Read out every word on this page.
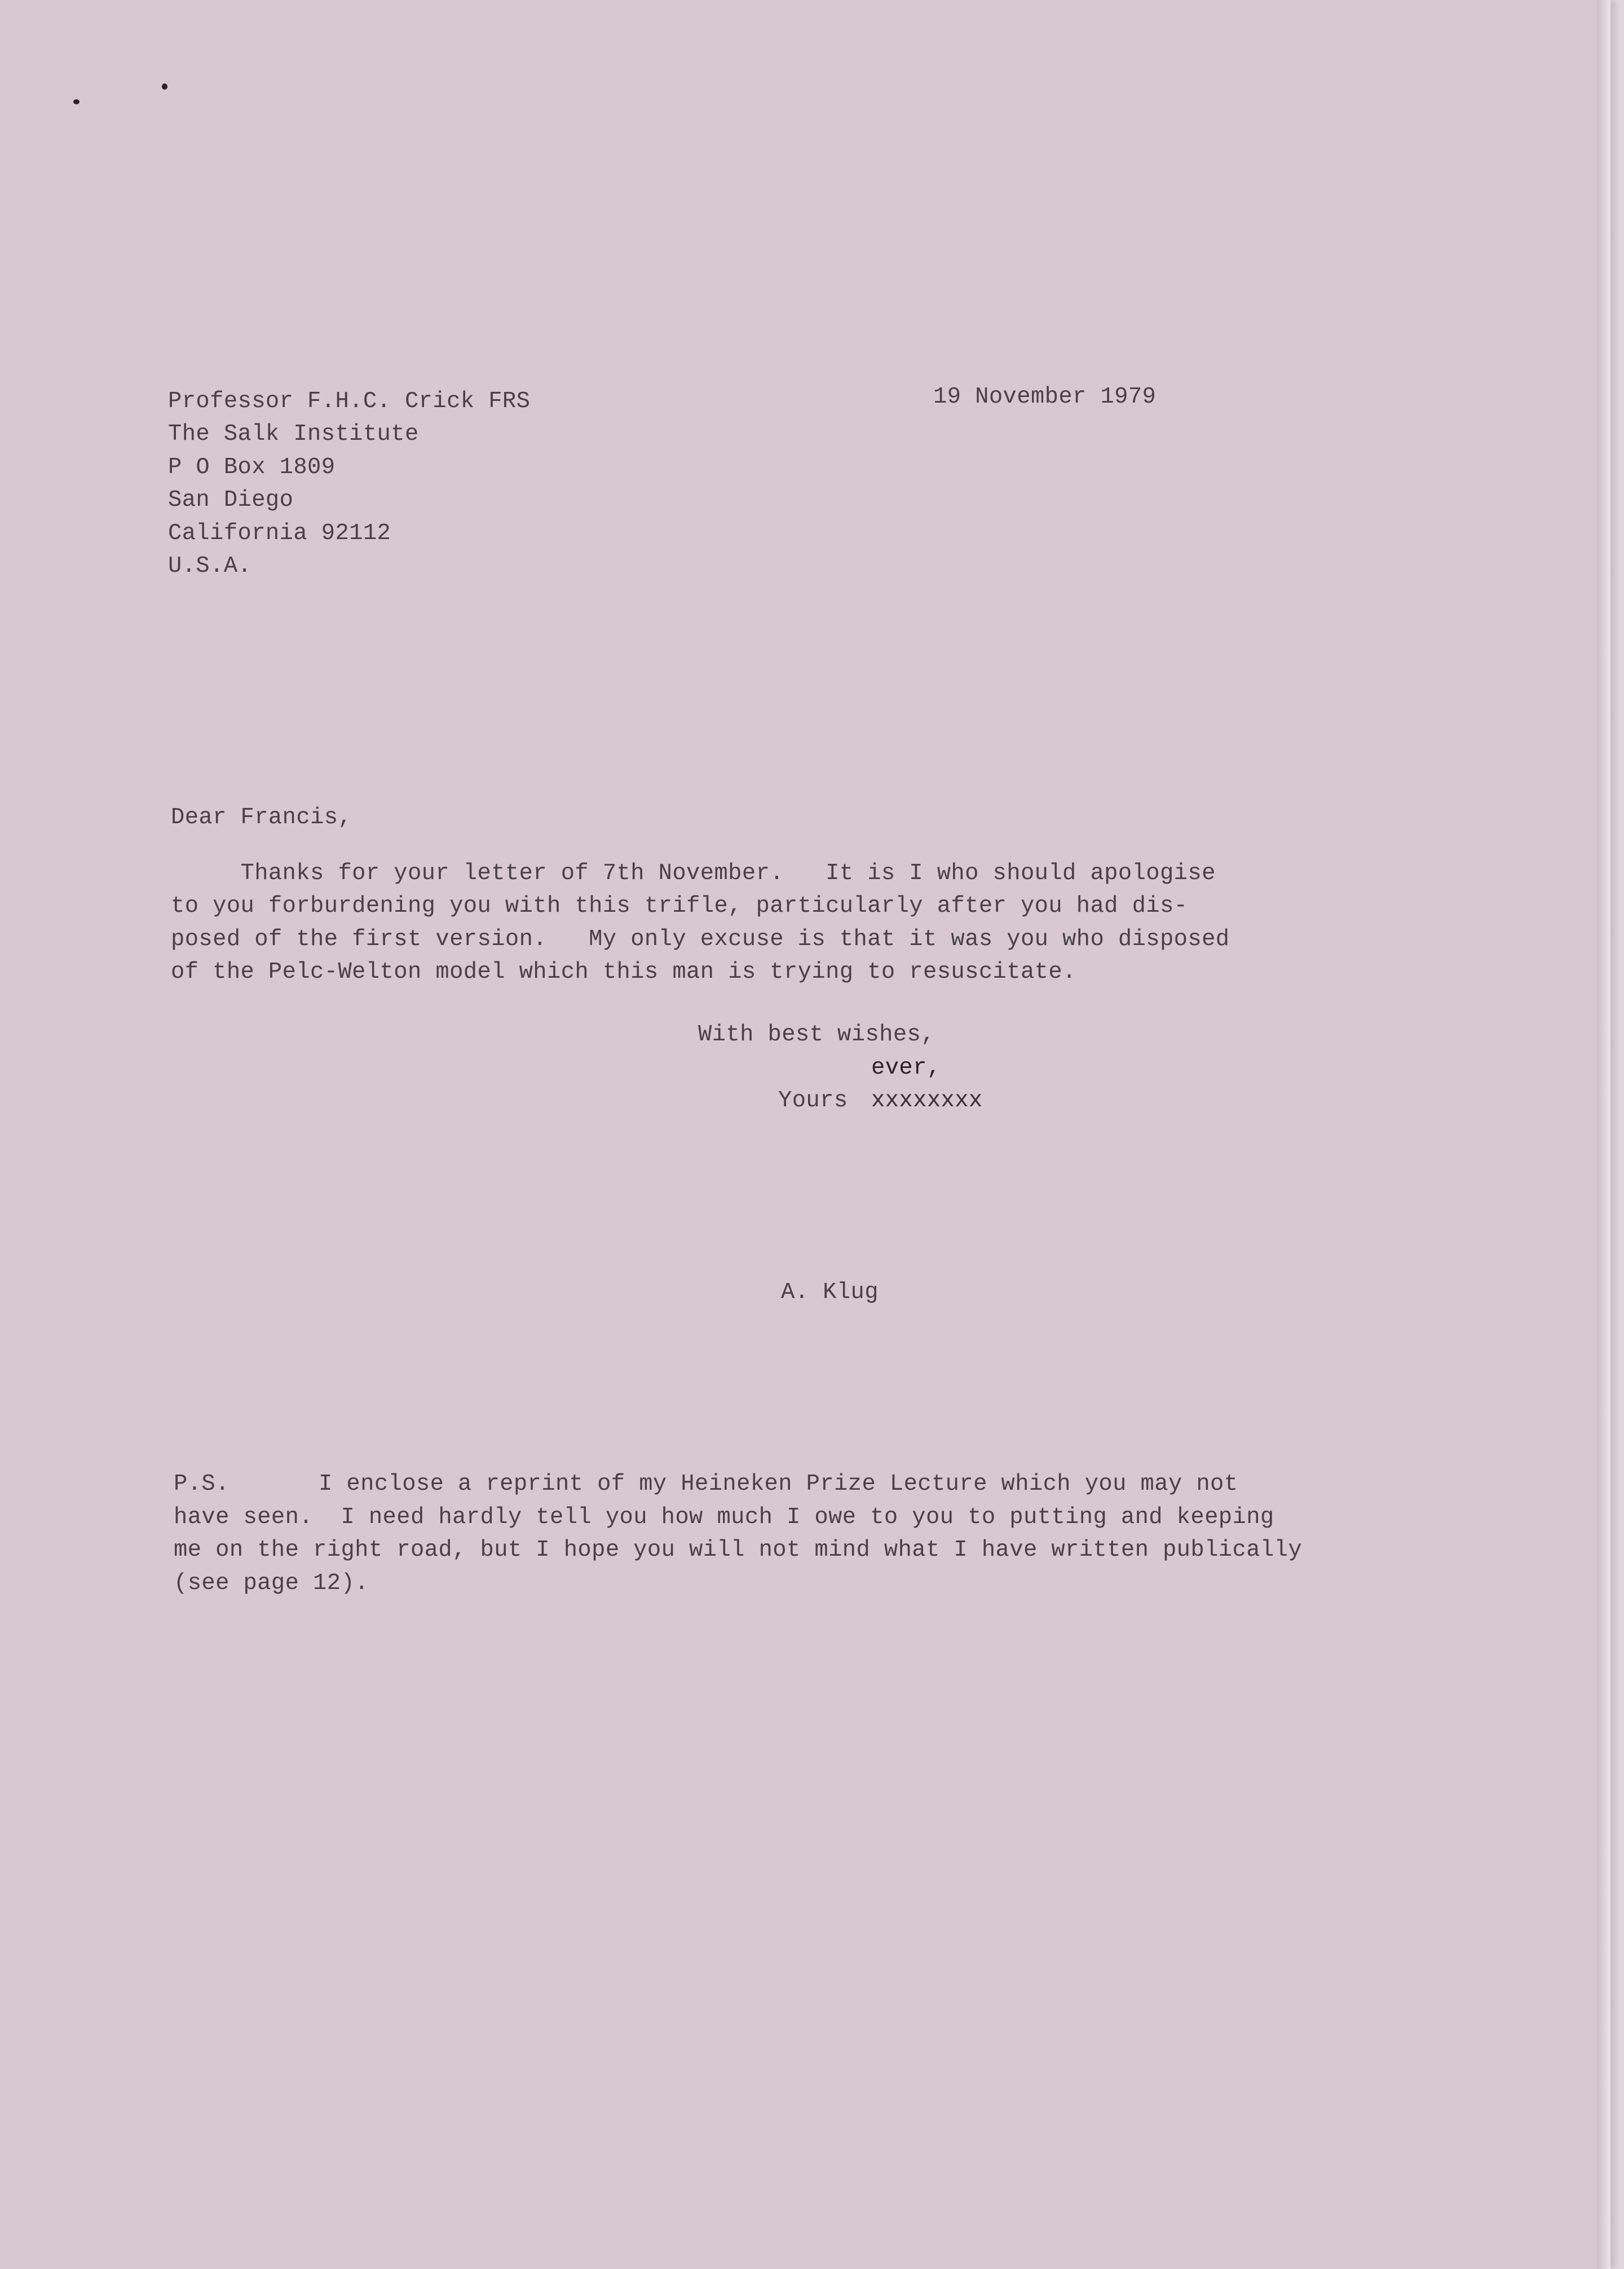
Professor F.H.C. Crick FRS

The Salk Institute

P O Box 1809

San Diego

California 92112

U.S.A.

19 November 1979

Dear Francis,

Thanks for your letter of 7th November.   It is I who should apologise

to you forburdening you with this trifle, particularly after you had dis-

posed of the first version.   My only excuse is that it was you who disposed

of the Pelc-Welton model which this man is trying to resuscitate.

With best wishes,

ever,

Yours xxxxxxxx

A. Klug

P.S.	I enclose a reprint of my Heineken Prize Lecture which you may not

have seen.  I need hardly tell you how much I owe to you to putting and keeping

me on the right road, but I hope you will not mind what I have written publically

(see page 12).
